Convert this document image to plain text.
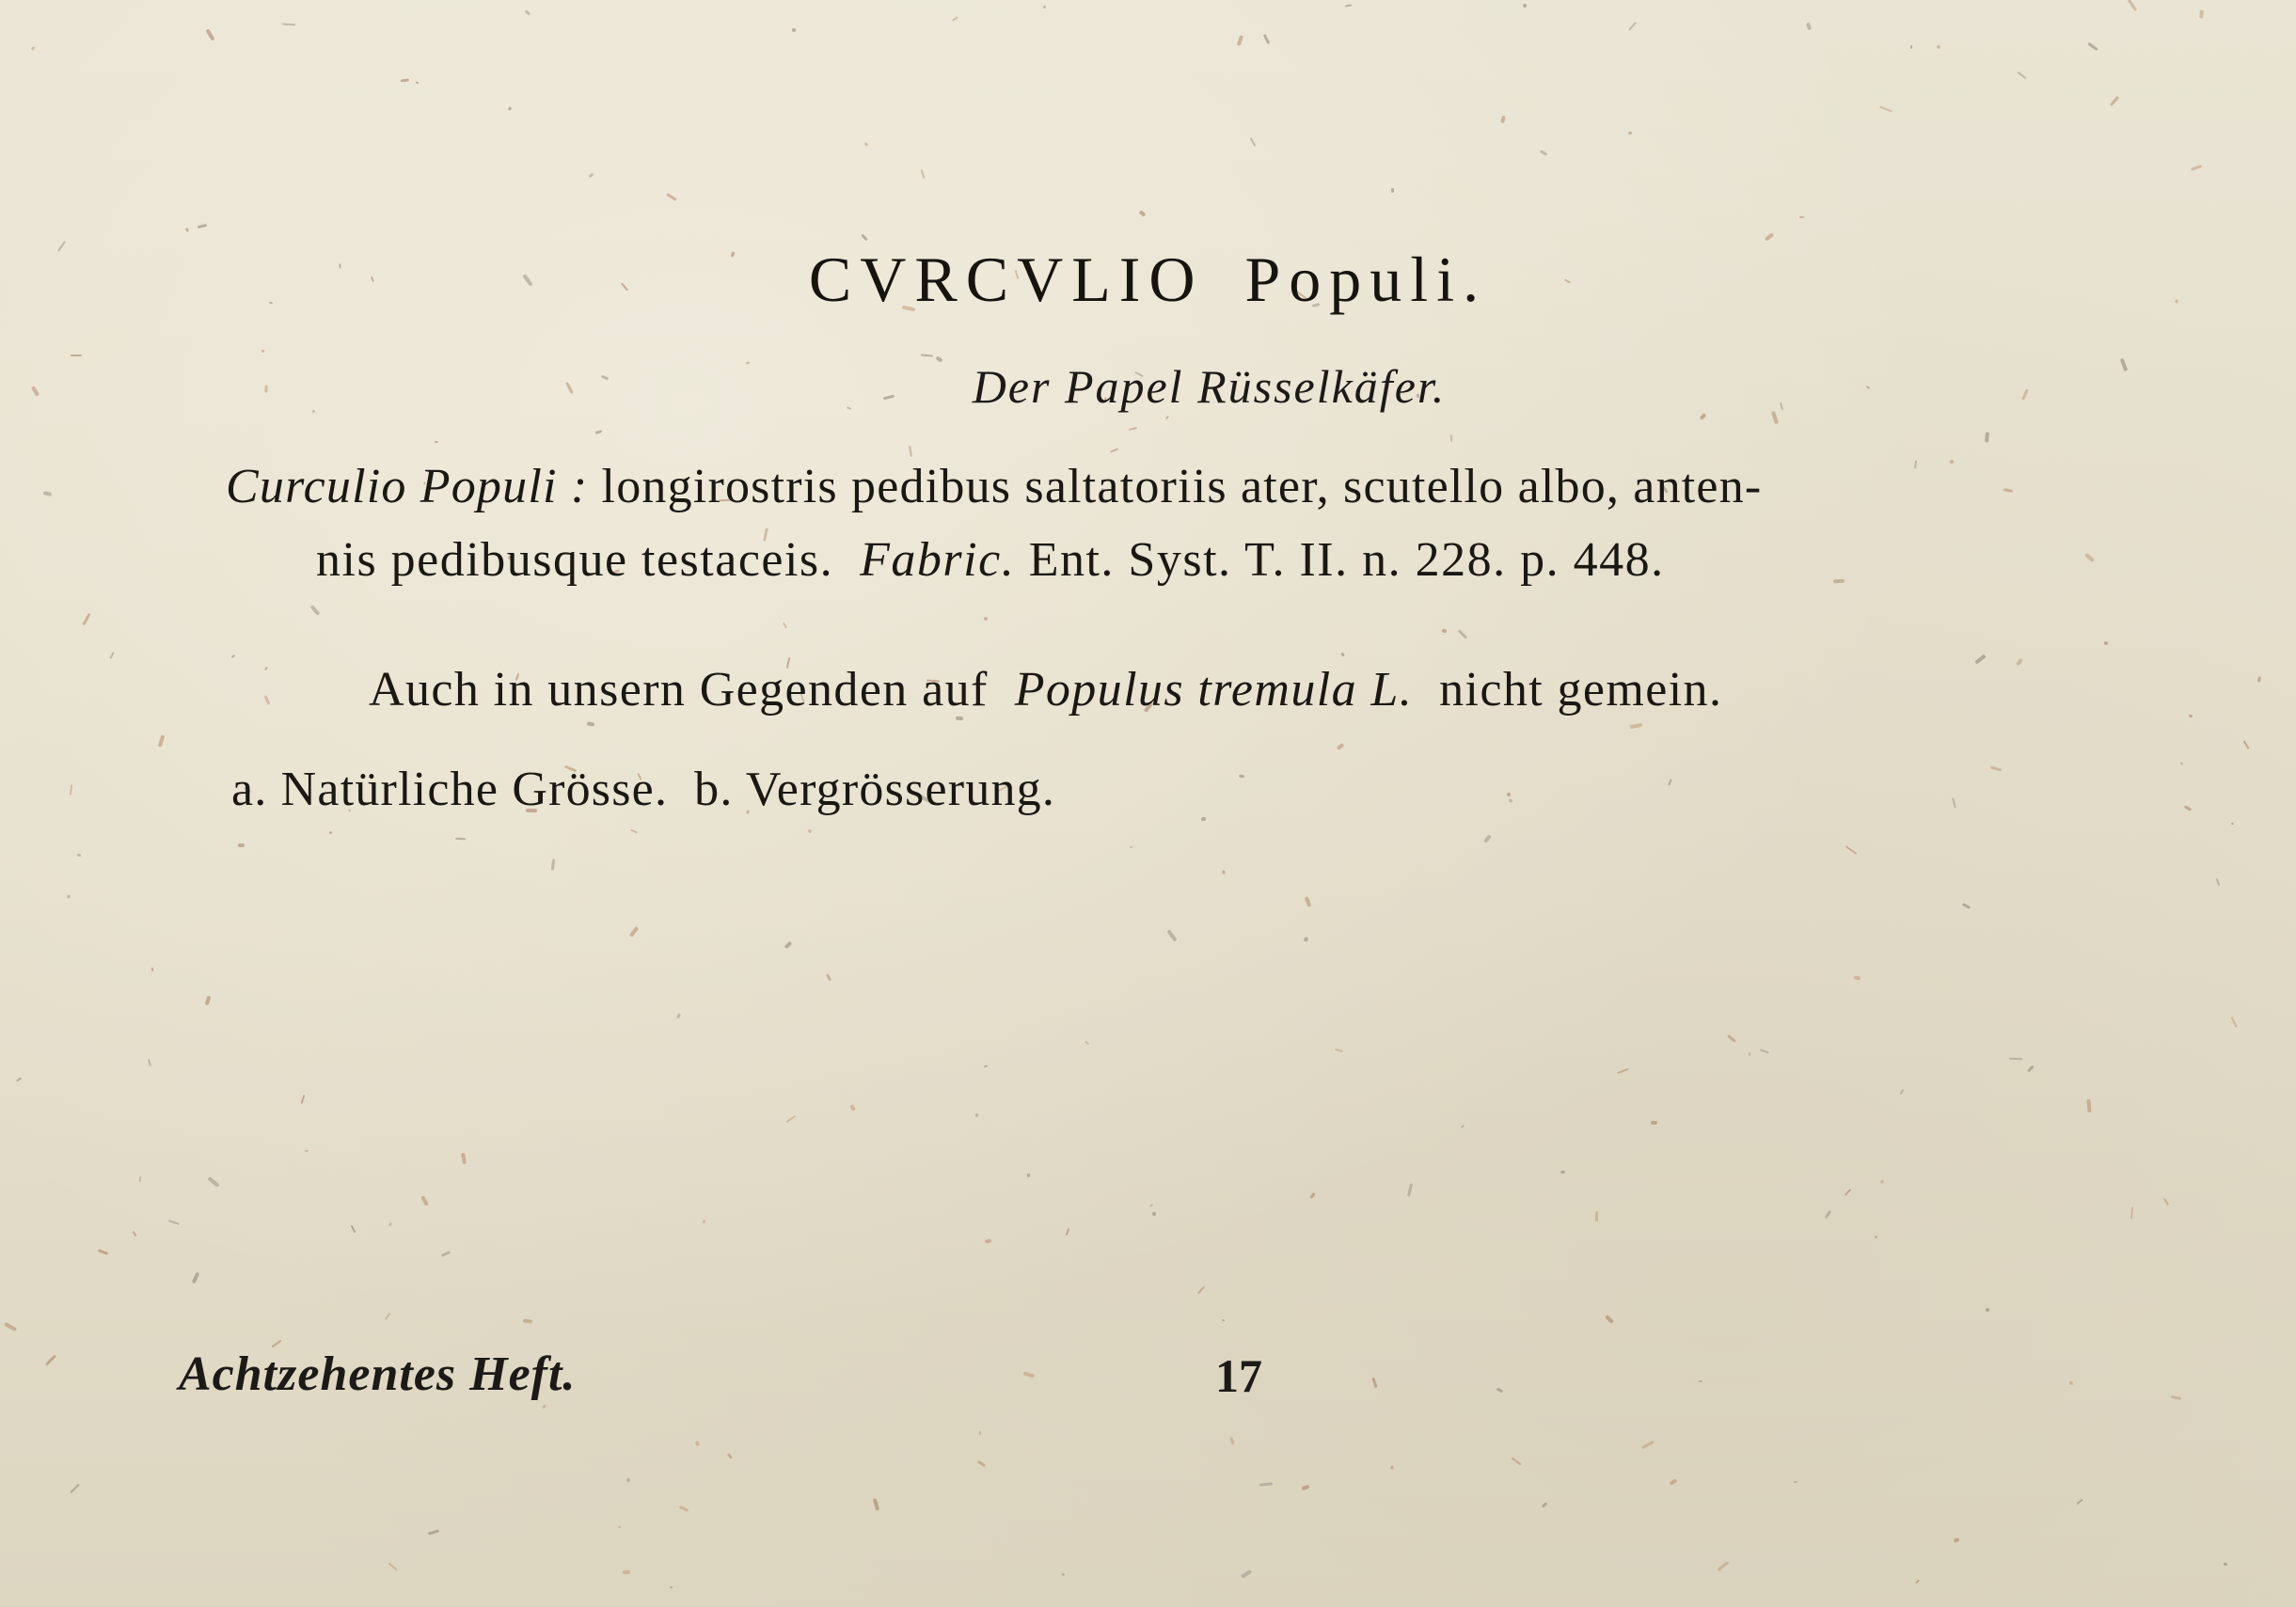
CVRCVLIO Populi.
Der Papel Rüsselkäfer.
Curculio Populi : longirostris pedibus saltatoriis ater, scutello albo, anten-
nis pedibusque testaceis. Fabric. Ent. Syst. T. II. n. 228. p. 448.
Auch in unsern Gegenden auf Populus tremula L. nicht gemein.
a. Natürliche Grösse. b. Vergrösserung.
Achtzehentes Heft.	17
